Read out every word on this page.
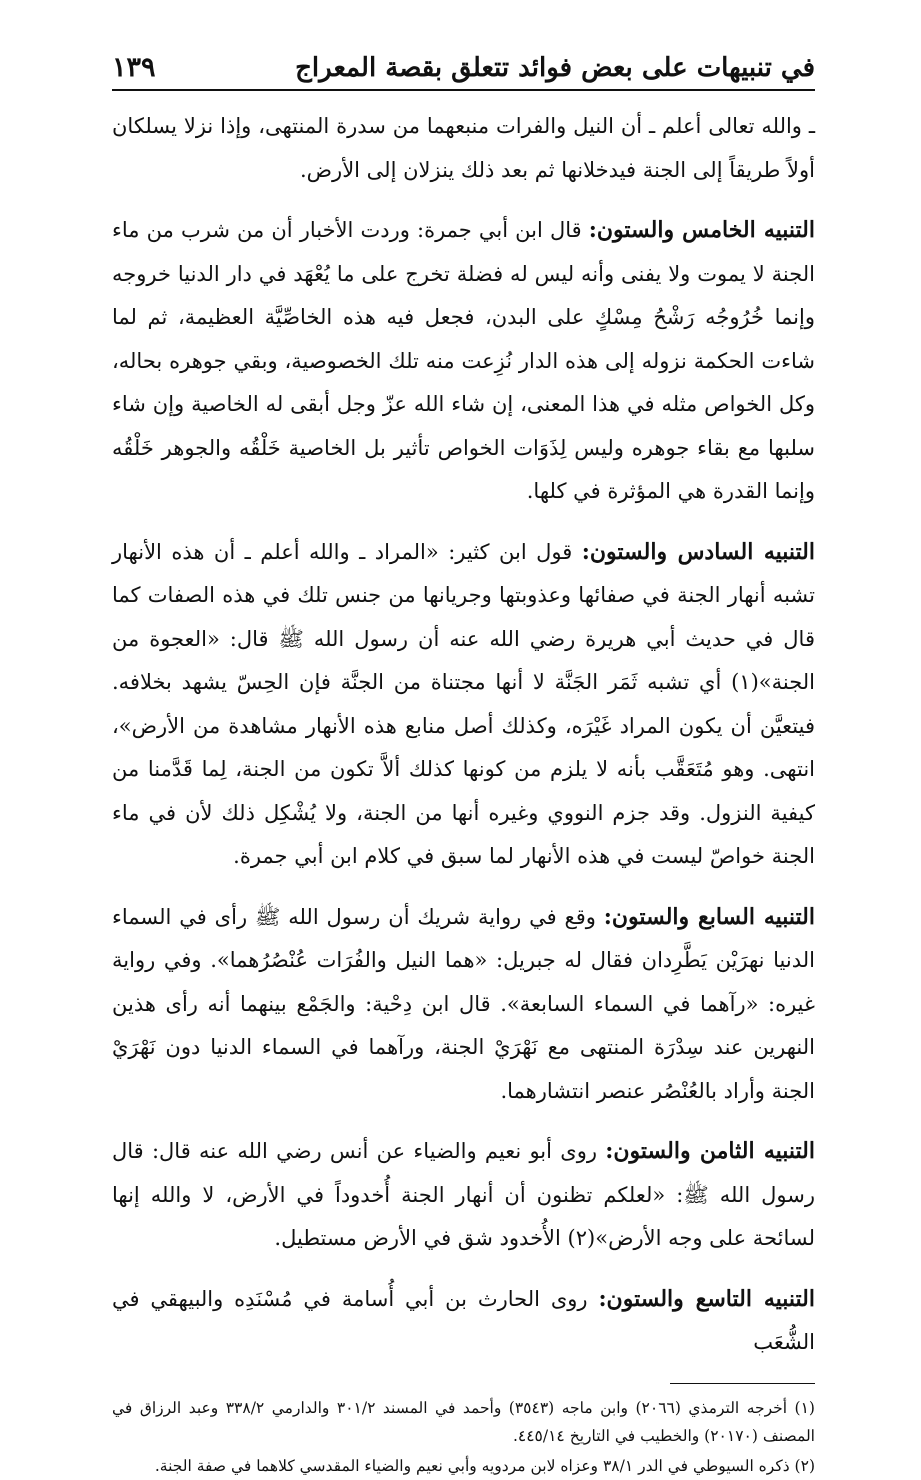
في تنبيهات على بعض فوائد تتعلق بقصة المعراج
١٣٩

ـ والله تعالى أعلم ـ أن النيل والفرات منبعهما من سدرة المنتهى، وإذا نزلا يسلكان أولاً طريقاً إلى الجنة فيدخلانها ثم بعد ذلك ينزلان إلى الأرض.

التنبيه الخامس والستون: قال ابن أبي جمرة: وردت الأخبار أن من شرب من ماء الجنة لا يموت ولا يفنى وأنه ليس له فضلة تخرج على ما يُعْهَد في دار الدنيا خروجه وإنما خُرُوجُه رَشْحُ مِسْكٍ على البدن، فجعل فيه هذه الخاصِّيَّة العظيمة، ثم لما شاءت الحكمة نزوله إلى هذه الدار نُزِعت منه تلك الخصوصية، وبقي جوهره بحاله، وكل الخواص مثله في هذا المعنى، إن شاء الله عزّ وجل أبقى له الخاصية وإن شاء سلبها مع بقاء جوهره وليس لِذَوَات الخواص تأثير بل الخاصية خَلْقُه والجوهر خَلْقُه وإنما القدرة هي المؤثرة في كلها.

التنبيه السادس والستون: قول ابن كثير: «المراد ـ والله أعلم ـ أن هذه الأنهار تشبه أنهار الجنة في صفائها وعذوبتها وجريانها من جنس تلك في هذه الصفات كما قال في حديث أبي هريرة رضي الله عنه أن رسول الله ﷺ قال: «العجوة من الجنة»(١) أي تشبه ثَمَر الجَنَّة لا أنها مجتناة من الجنَّة فإن الحِسّ يشهد بخلافه. فيتعيَّن أن يكون المراد غَيْرَه، وكذلك أصل منابع هذه الأنهار مشاهدة من الأرض»، انتهى. وهو مُتَعَقَّب بأنه لا يلزم من كونها كذلك ألاَّ تكون من الجنة، لِما قَدَّمنا من كيفية النزول. وقد جزم النووي وغيره أنها من الجنة، ولا يُشْكِل ذلك لأن في ماء الجنة خواصّ ليست في هذه الأنهار لما سبق في كلام ابن أبي جمرة.

التنبيه السابع والستون: وقع في رواية شريك أن رسول الله ﷺ رأى في السماء الدنيا نهرَيْن يَطَّرِدان فقال له جبريل: «هما النيل والفُرَات عُنْصُرُهما». وفي رواية غيره: «رآهما في السماء السابعة». قال ابن دِحْية: والجَمْع بينهما أنه رأى هذين النهرين عند سِدْرَة المنتهى مع نَهْرَيْ الجنة، ورآهما في السماء الدنيا دون نَهْرَيْ الجنة وأراد بالعُنْصُر عنصر انتشارهما.

التنبيه الثامن والستون: روى أبو نعيم والضياء عن أنس رضي الله عنه قال: قال رسول الله ﷺ: «لعلكم تظنون أن أنهار الجنة أُخدوداً في الأرض، لا والله إنها لسائحة على وجه الأرض»(٢) الأُخدود شق في الأرض مستطيل.

التنبيه التاسع والستون: روى الحارث بن أبي أُسامة في مُسْنَدِه والبيهقي في الشُّعَب

(١) أخرجه الترمذي (٢٠٦٦) وابن ماجه (٣٥٤٣) وأحمد في المسند ٣٠١/٢ والدارمي ٣٣٨/٢ وعبد الرزاق في المصنف (٢٠١٧٠) والخطيب في التاريخ ٤٤٥/١٤.

(٢) ذكره السيوطي في الدر ٣٨/١ وعزاه لابن مردويه وأبي نعيم والضياء المقدسي كلاهما في صفة الجنة.
